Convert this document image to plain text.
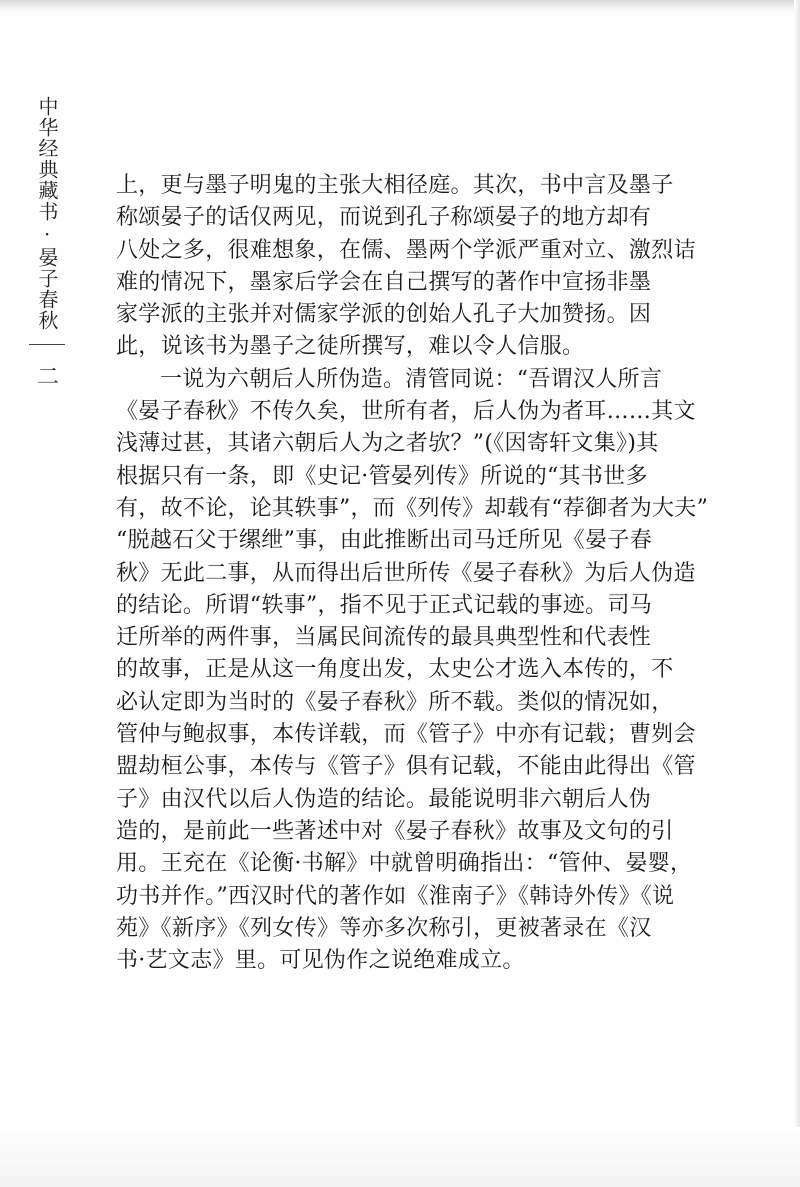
中华经典藏书·晏子春秋
二

上，更与墨子明鬼的主张大相径庭。其次，书中言及墨子
称颂晏子的话仅两见，而说到孔子称颂晏子的地方却有
八处之多，很难想象，在儒、墨两个学派严重对立、激烈诘
难的情况下，墨家后学会在自己撰写的著作中宣扬非墨
家学派的主张并对儒家学派的创始人孔子大加赞扬。因
此，说该书为墨子之徒所撰写，难以令人信服。

一说为六朝后人所伪造。清管同说：“吾谓汉人所言
《晏子春秋》不传久矣，世所有者，后人伪为者耳……其文
浅薄过甚，其诸六朝后人为之者欤？”(《因寄轩文集》)其
根据只有一条，即《史记·管晏列传》所说的“其书世多
有，故不论，论其轶事”，而《列传》却载有“荐御者为大夫”
“脱越石父于缧绁”事，由此推断出司马迁所见《晏子春
秋》无此二事，从而得出后世所传《晏子春秋》为后人伪造
的结论。所谓“轶事”，指不见于正式记载的事迹。司马
迁所举的两件事，当属民间流传的最具典型性和代表性
的故事，正是从这一角度出发，太史公才选入本传的，不
必认定即为当时的《晏子春秋》所不载。类似的情况如，
管仲与鲍叔事，本传详载，而《管子》中亦有记载；曹刿会
盟劫桓公事，本传与《管子》俱有记载，不能由此得出《管
子》由汉代以后人伪造的结论。最能说明非六朝后人伪
造的，是前此一些著述中对《晏子春秋》故事及文句的引
用。王充在《论衡·书解》中就曾明确指出：“管仲、晏婴，
功书并作。”西汉时代的著作如《淮南子》《韩诗外传》《说
苑》《新序》《列女传》等亦多次称引，更被著录在《汉
书·艺文志》里。可见伪作之说绝难成立。
